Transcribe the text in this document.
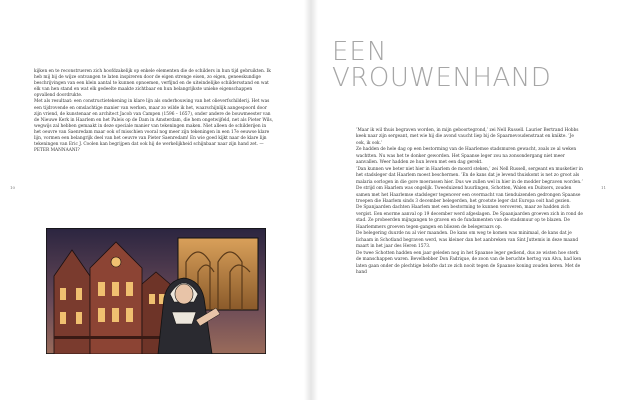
10	11

kijken en te reconstrueren zich hoofdzakelijk op enkele elementen die de schilders in hun tijd gebruikten. Ik heb mij bij de wijze ontvangen te laten inspireren door de eigen strenge eisen, zo eigen, geneeskundige beschrijvingen van een klein aantal te kunnen opnoemen, verfijnd en de uiteindelijke schildersstand en wat elk van hen stand en wat elk gedeelte maakte zichtbaar en hun belangrijkste unieke eigenschappen opvallend doordrukte.

Met als resultaat: een constructietekening in klare lijn als onderbouwing van het olieverfschilderij. Het was een tijdrovende en omslachtige manier van werken, maar zo wilde ik het, waarschijnlijk aangespoord door zijn vriend, de kunstenaar en architect Jacob van Campen (1596 – 1657), onder andere de bouwmeester van de Nieuwe Kerk in Haarlem en het Paleis op de Dam in Amsterdam, die hem ongetwijfeld, net als Pieter Wils, wegwijs zal hebben gemaakt in deze speciale manier van tekeningen maken. Niet alleen de schilderijen in het oeuvre van Saenredam maar ook of misschien vooral nog meer zijn tekeningen in een 17e eeuwse klare lijn, vormen een belangrijk deel van het oeuvre van Pieter Saenredam! En wie goed kijkt naar de klare lijn tekeningen van Eric J. Coolen kan begrijpen dat ook hij de werkelijkheid schijnbaar naar zijn hand zet. —PETER MANNAANI?

EEN
VROUWENHAND

‘Maar ik wil thuis begraven worden, in mijn geboortegrond,’ zei Nell Russell. Laurier Bertrand Hobbs keek naar zijn sergeant, met wie hij die avond vaucht liep bij de Spaarnevoudenstraat en knikte. ‘Je ook, ik ook.’

Ze hadden de hele dag op een bestorming van de Haarlemse stadsmuren gewacht, zoals ze al weken wachtten. Nu was het te donker geworden. Het Spaanse leger zou na zonsondergang niet meer aanvallen. Weer hadden ze hun leven met een dag gerekt.

‘Dan kunnen we beter niet hier in Haarlem de moord steken,’ zei Nell Russell, sergeant en musketier in het stadsleger dat Haarlem moest beschermen. ‘En de kans dat je levend thuiskomt is net zo groot als malaria oorlogen in die gore moerassen hier. Dus we zullen wel in hier in de modder begraven worden.’

De strijd om Haarlem was ongelijk. Tweeduizend huurlingen, Schotten, Walen en Duitsers, zouden samen met het Haarlemse stadsleger tegenover een overmacht van tienduizenden gedrongen Spaanse troepen die Haarlem sinds 3 december belegerden, het grootste leger dat Europa ooit had gezien.

De Spanjaarden dachten Haarlem met een bestorming te kunnen veroveren, maar ze hadden zich vergist. Een enorme aanval op 19 december werd afgeslagen. De Spaanjaarden groeven zich in rond de stad. Ze probeerden mijngangen te graven en de fundamenten van de stadsmuur op te blazen. De Haarlemmers groeven tegen-gangen en bliezen de belegeraars op.

De belegering duurde nu al vier maanden. De kans om weg te komen was minimaal, de kans dat je lichaam in Schotland begraven werd, was kleiner dan het aanbreken van Sint Juttemis in deze maand maart in het jaar des Heren 1573.

De twee Schotten hadden een jaar geleden nog in het Spaanse leger gediend, dus ze wisten hoe sterk de manschappen waren. Bevelhebber Don Fadrique, de zoon van de beruchte hertog van Alva, had ken laten gaan onder de plechtige belofte dat ze zich nooit tegen de Spaanse koning zouden keren. Met de hand
